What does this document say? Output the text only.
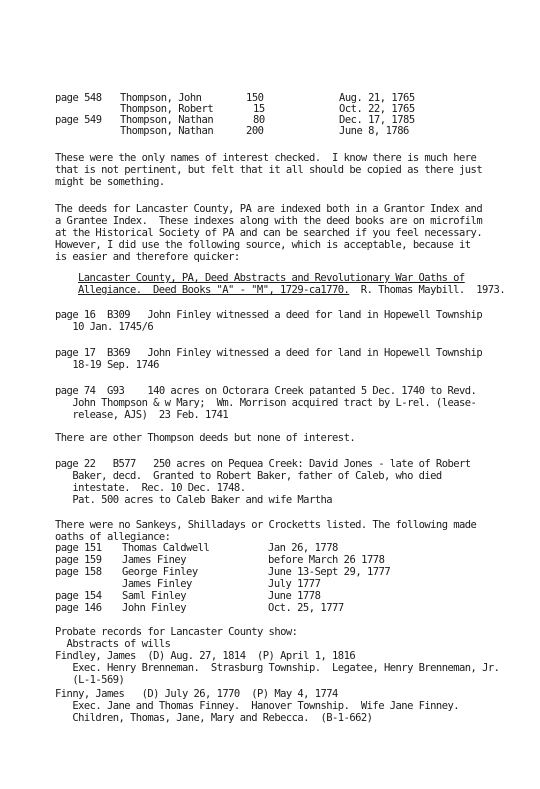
page 548 Thompson, John	150	Aug. 21, 1765
Thompson, Robert	15	Oct. 22, 1765
page 549 Thompson, Nathan	80	Dec. 17, 1785
Thompson, Nathan	200	June 8, 1786
These were the only names of interest checked.  I know there is much here
that is not pertinent, but felt that it all should be copied as there just
might be something.
The deeds for Lancaster County, PA are indexed both in a Grantor Index and
a Grantee Index.  These indexes along with the deed books are on microfilm
at the Historical Society of PA and can be searched if you feel necessary.
However, I did use the following source, which is acceptable, because it
is easier and therefore quicker:
Lancaster County, PA, Deed Abstracts and Revolutionary War Oaths of
Allegiance.  Deed Books "A" - "M", 1729-ca1770.  R. Thomas Maybill.  1973.
page 16  B309   John Finley witnessed a deed for land in Hopewell Township
10 Jan. 1745/6
page 17  B369   John Finley witnessed a deed for land in Hopewell Township
18-19 Sep. 1746
page 74  G93    140 acres on Octorara Creek patanted 5 Dec. 1740 to Revd.
John Thompson & w Mary;  Wm. Morrison acquired tract by L-rel. (lease-
release, AJS)  23 Feb. 1741
There are other Thompson deeds but none of interest.
page 22   B577   250 acres on Pequea Creek: David Jones - late of Robert
Baker, decd.  Granted to Robert Baker, father of Caleb, who died
intestate.  Rec. 10 Dec. 1748.
Pat. 500 acres to Caleb Baker and wife Martha
There were no Sankeys, Shilladays or Crocketts listed. The following made
oaths of allegiance:
page 151 Thomas Caldwell	Jan 26, 1778
page 159 James Finey	before March 26 1778
page 158 George Finley	June 13-Sept 29, 1777
James Finley	July 1777
page 154 Saml Finley	June 1778
page 146 John Finley	Oct. 25, 1777
Probate records for Lancaster County show:
Abstracts of wills
Findley, James  (D) Aug. 27, 1814  (P) April 1, 1816
Exec. Henry Brenneman.  Strasburg Township.  Legatee, Henry Brenneman, Jr.
(L-1-569)
Finny, James   (D) July 26, 1770  (P) May 4, 1774
Exec. Jane and Thomas Finney.  Hanover Township.  Wife Jane Finney.
Children, Thomas, Jane, Mary and Rebecca.  (B-1-662)
